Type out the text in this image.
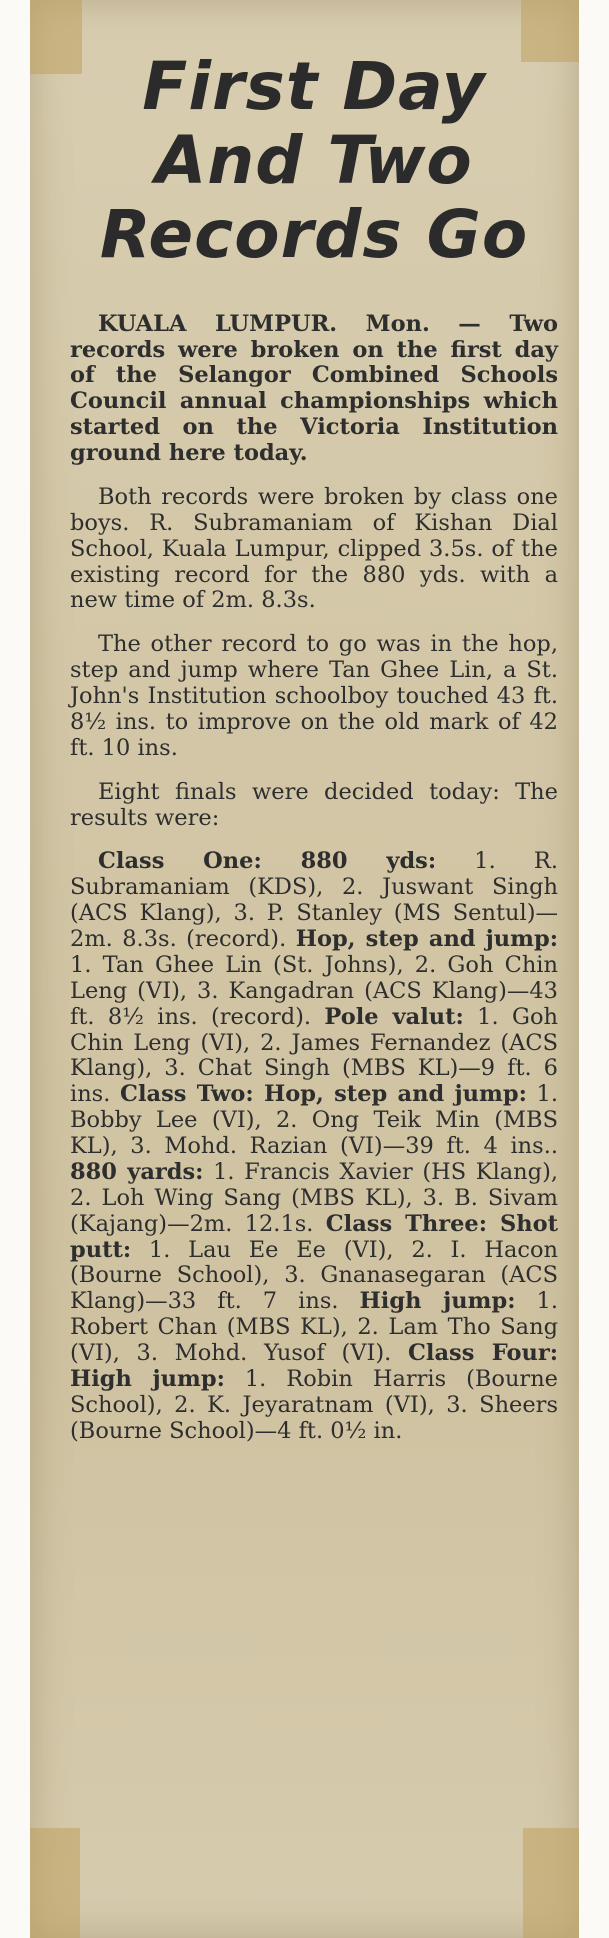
First Day
And Two
Records Go

KUALA LUMPUR. Mon. — Two records were broken on the first day of the Selangor Combined Schools Council annual championships which started on the Victoria Institution ground here today.

Both records were broken by class one boys. R. Subramaniam of Kishan Dial School, Kuala Lumpur, clipped 3.5s. of the existing record for the 880 yds. with a new time of 2m. 8.3s.

The other record to go was in the hop, step and jump where Tan Ghee Lin, a St. John's Institution schoolboy touched 43 ft. 8½ ins. to improve on the old mark of 42 ft. 10 ins.

Eight finals were decided today: The results were:

Class One: 880 yds: 1. R. Subramaniam (KDS), 2. Juswant Singh (ACS Klang), 3. P. Stanley (MS Sentul)—2m. 8.3s. (record). Hop, step and jump: 1. Tan Ghee Lin (St. Johns), 2. Goh Chin Leng (VI), 3. Kangadran (ACS Klang)—43 ft. 8½ ins. (record). Pole valut: 1. Goh Chin Leng (VI), 2. James Fernandez (ACS Klang), 3. Chat Singh (MBS KL)—9 ft. 6 ins. Class Two: Hop, step and jump: 1. Bobby Lee (VI), 2. Ong Teik Min (MBS KL), 3. Mohd. Razian (VI)—39 ft. 4 ins.. 880 yards: 1. Francis Xavier (HS Klang), 2. Loh Wing Sang (MBS KL), 3. B. Sivam (Kajang)—2m. 12.1s. Class Three: Shot putt: 1. Lau Ee Ee (VI), 2. I. Hacon (Bourne School), 3. Gnanasegaran (ACS Klang)—33 ft. 7 ins. High jump: 1. Robert Chan (MBS KL), 2. Lam Tho Sang (VI), 3. Mohd. Yusof (VI). Class Four: High jump: 1. Robin Harris (Bourne School), 2. K. Jeyaratnam (VI), 3. Sheers (Bourne School)—4 ft. 0½ in.
